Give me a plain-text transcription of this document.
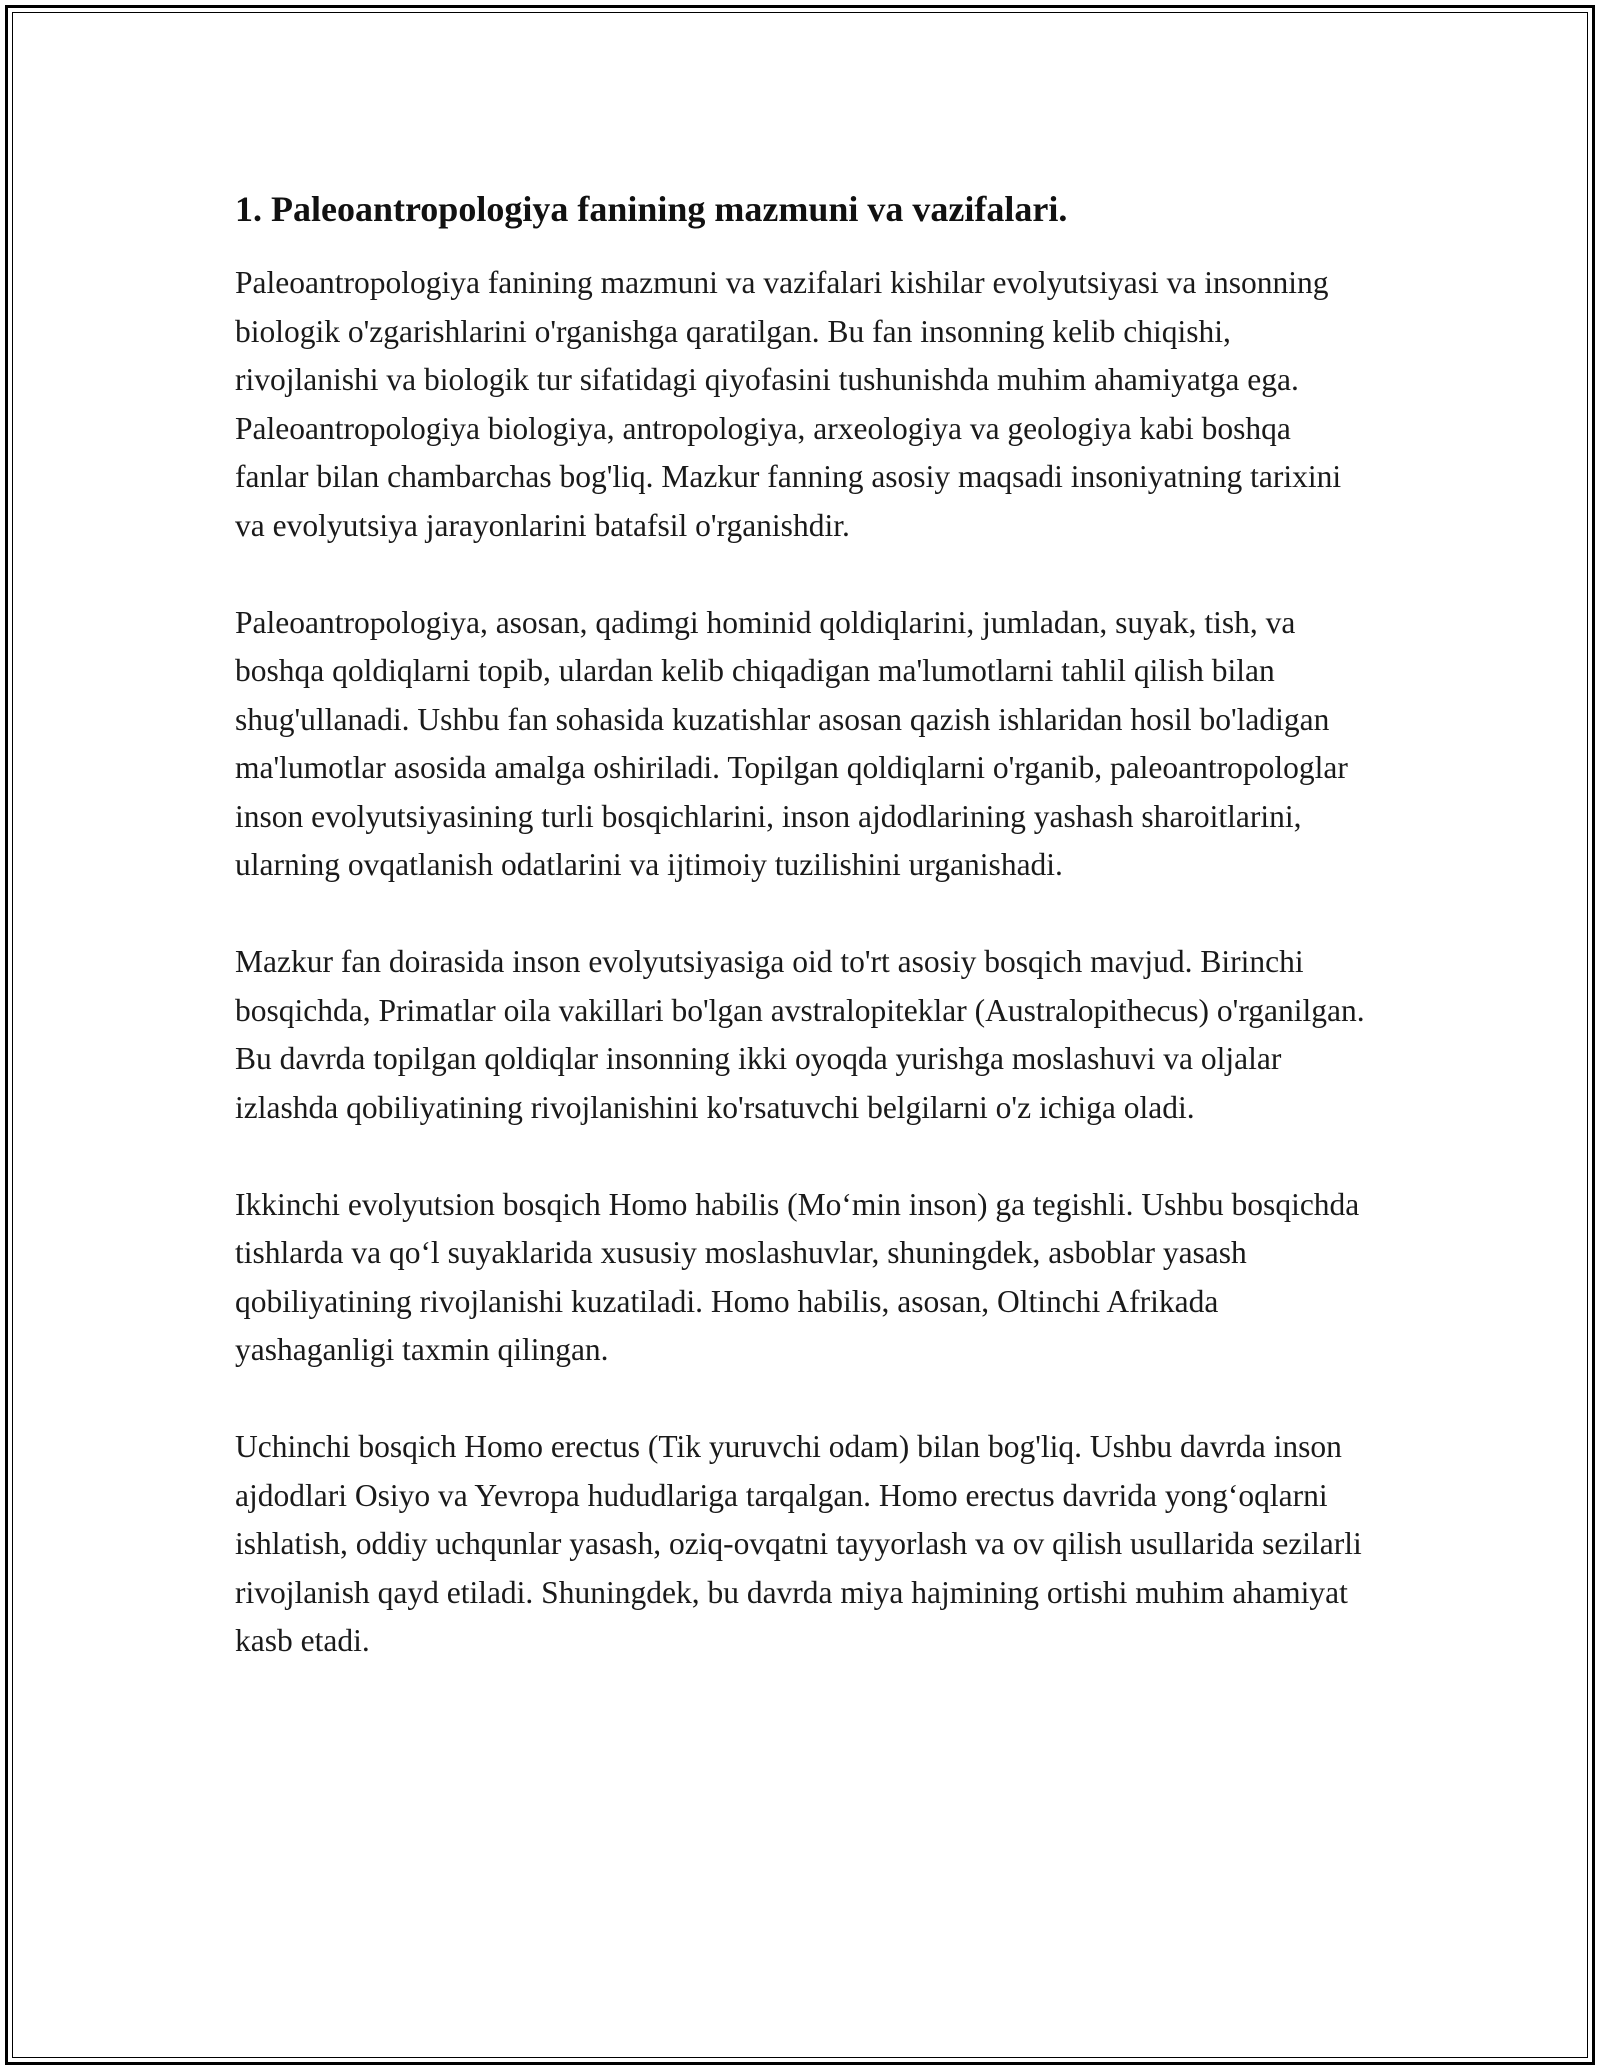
1. Paleoantropologiya fanining mazmuni va vazifalari.

Paleoantropologiya fanining mazmuni va vazifalari kishilar evolyutsiyasi va insonning biologik o'zgarishlarini o'rganishga qaratilgan. Bu fan insonning kelib chiqishi, rivojlanishi va biologik tur sifatidagi qiyofasini tushunishda muhim ahamiyatga ega. Paleoantropologiya biologiya, antropologiya, arxeologiya va geologiya kabi boshqa fanlar bilan chambarchas bog'liq. Mazkur fanning asosiy maqsadi insoniyatning tarixini va evolyutsiya jarayonlarini batafsil o'rganishdir.

Paleoantropologiya, asosan, qadimgi hominid qoldiqlarini, jumladan, suyak, tish, va boshqa qoldiqlarni topib, ulardan kelib chiqadigan ma'lumotlarni tahlil qilish bilan shug'ullanadi. Ushbu fan sohasida kuzatishlar asosan qazish ishlaridan hosil bo'ladigan ma'lumotlar asosida amalga oshiriladi. Topilgan qoldiqlarni o'rganib, paleoantropologlar inson evolyutsiyasining turli bosqichlarini, inson ajdodlarining yashash sharoitlarini, ularning ovqatlanish odatlarini va ijtimoiy tuzilishini urganishadi.

Mazkur fan doirasida inson evolyutsiyasiga oid to'rt asosiy bosqich mavjud. Birinchi bosqichda, Primatlar oila vakillari bo'lgan avstralopiteklar (Australopithecus) o'rganilgan. Bu davrda topilgan qoldiqlar insonning ikki oyoqda yurishga moslashuvi va oljalar izlashda qobiliyatining rivojlanishini ko'rsatuvchi belgilarni o'z ichiga oladi.

Ikkinchi evolyutsion bosqich Homo habilis (Mo‘min inson) ga tegishli. Ushbu bosqichda tishlarda va qo‘l suyaklarida xususiy moslashuvlar, shuningdek, asboblar yasash qobiliyatining rivojlanishi kuzatiladi. Homo habilis, asosan, Oltinchi Afrikada yashaganligi taxmin qilingan.

Uchinchi bosqich Homo erectus (Tik yuruvchi odam) bilan bog'liq. Ushbu davrda inson ajdodlari Osiyo va Yevropa hududlariga tarqalgan. Homo erectus davrida yong‘oqlarni ishlatish, oddiy uchqunlar yasash, oziq-ovqatni tayyorlash va ov qilish usullarida sezilarli rivojlanish qayd etiladi. Shuningdek, bu davrda miya hajmining ortishi muhim ahamiyat kasb etadi.
